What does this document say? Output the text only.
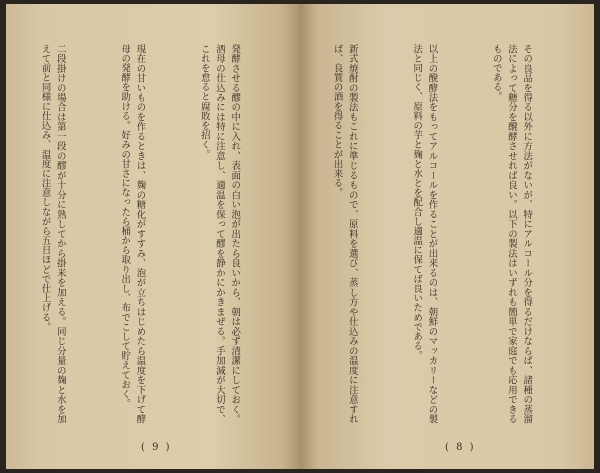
発酵させる醪の中に入れ、表面の白い泡が出たら良いから、朝は必ず清潔にしておく。酒母の仕込みには特に注意し、適温を保って醪を静かにかきまぜる。手加減が大切で、これを怠ると腐敗を招く。

現在の甘いものを作るときは、麹の糖化がすすみ、泡が立ちはじめたら温度を下げて酵母の発酵を助ける。好みの甘さになったら桶から取り出し、布でこして貯えておく。

二段掛けの場合は第一段の醪が十分に熟してから掛米を加える。同じ分量の麹と水を加えて前と同様に仕込み、温度に注意しながら五日ほどで仕上げる。

( 9 )

その良品を得る以外に方法がないが、特にアルコール分を得るだけならば、諸種の蒸溜法によって糖分を醗酵させれば良い。以下の製法はいずれも簡単で家庭でも応用できるものである。

以上の醗酵法をもってアルコールを作ることが出来るのは、朝鮮のマッカリーなどの製法と同じく、原料の芋と麹と水とを配合し適温に保てば良いためである。

新式焼酎の製法もこれに準じるもので、原料を選び、蒸し方や仕込みの温度に注意すれば、良質の酒を得ることが出来る。

( 8 )
